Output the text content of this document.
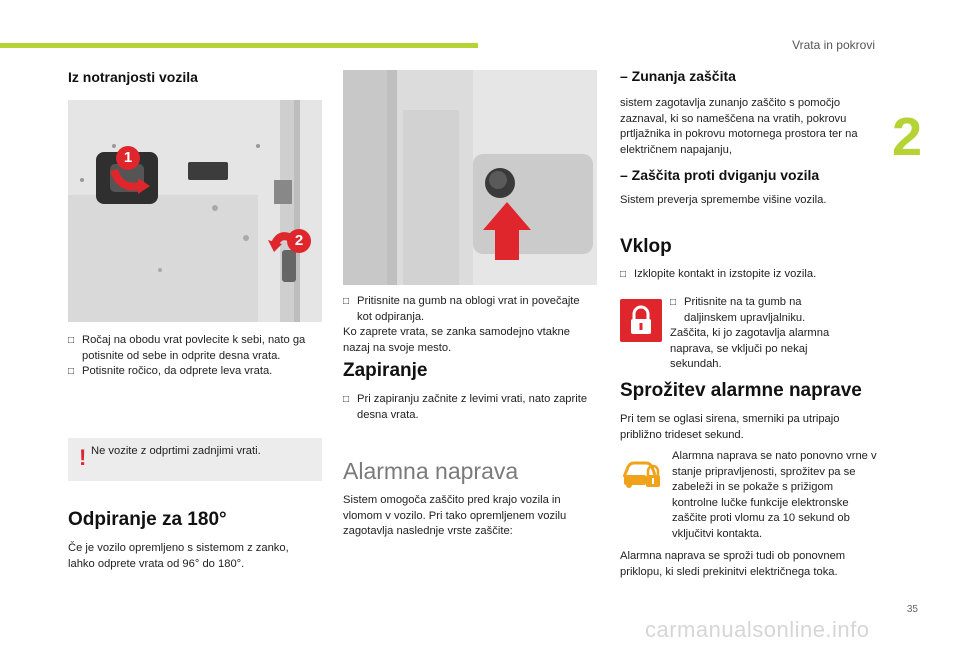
Vrata in pokrovi
2
Iz notranjosti vozila
1
2
□ Ročaj na obodu vrat povlecite k sebi, nato ga potisnite od sebe in odprite desna vrata.
□ Potisnite ročico, da odprete leva vrata.
! Ne vozite z odprtimi zadnjimi vrati.
Odpiranje za 180°
Če je vozilo opremljeno s sistemom z zanko, lahko odprete vrata od 96° do 180°.
□ Pritisnite na gumb na oblogi vrat in povečajte kot odpiranja.
Ko zaprete vrata, se zanka samodejno vtakne nazaj na svoje mesto.
Zapiranje
□ Pri zapiranju začnite z levimi vrati, nato zaprite desna vrata.
Alarmna naprava
Sistem omogoča zaščito pred krajo vozila in vlomom v vozilo. Pri tako opremljenem vozilu zagotavlja naslednje vrste zaščite:
– Zunanja zaščita
sistem zagotavlja zunanjo zaščito s pomočjo zaznaval, ki so nameščena na vratih, pokrovu prtljažnika in pokrovu motornega prostora ter na električnem napajanju,
– Zaščita proti dviganju vozila
Sistem preverja spremembe višine vozila.
Vklop
□ Izklopite kontakt in izstopite iz vozila.
□ Pritisnite na ta gumb na daljinskem upravljalniku.
Zaščita, ki jo zagotavlja alarmna naprava, se vključi po nekaj sekundah.
Sprožitev alarmne naprave
Pri tem se oglasi sirena, smerniki pa utripajo približno trideset sekund.
Alarmna naprava se nato ponovno vrne v stanje pripravljenosti, sprožitev pa se zabeleži in se pokaže s prižigom kontrolne lučke funkcije elektronske zaščite proti vlomu za 10 sekund ob vključitvi kontakta.
Alarmna naprava se sproži tudi ob ponovnem priklopu, ki sledi prekinitvi električnega toka.
35
carmanualsonline.info
